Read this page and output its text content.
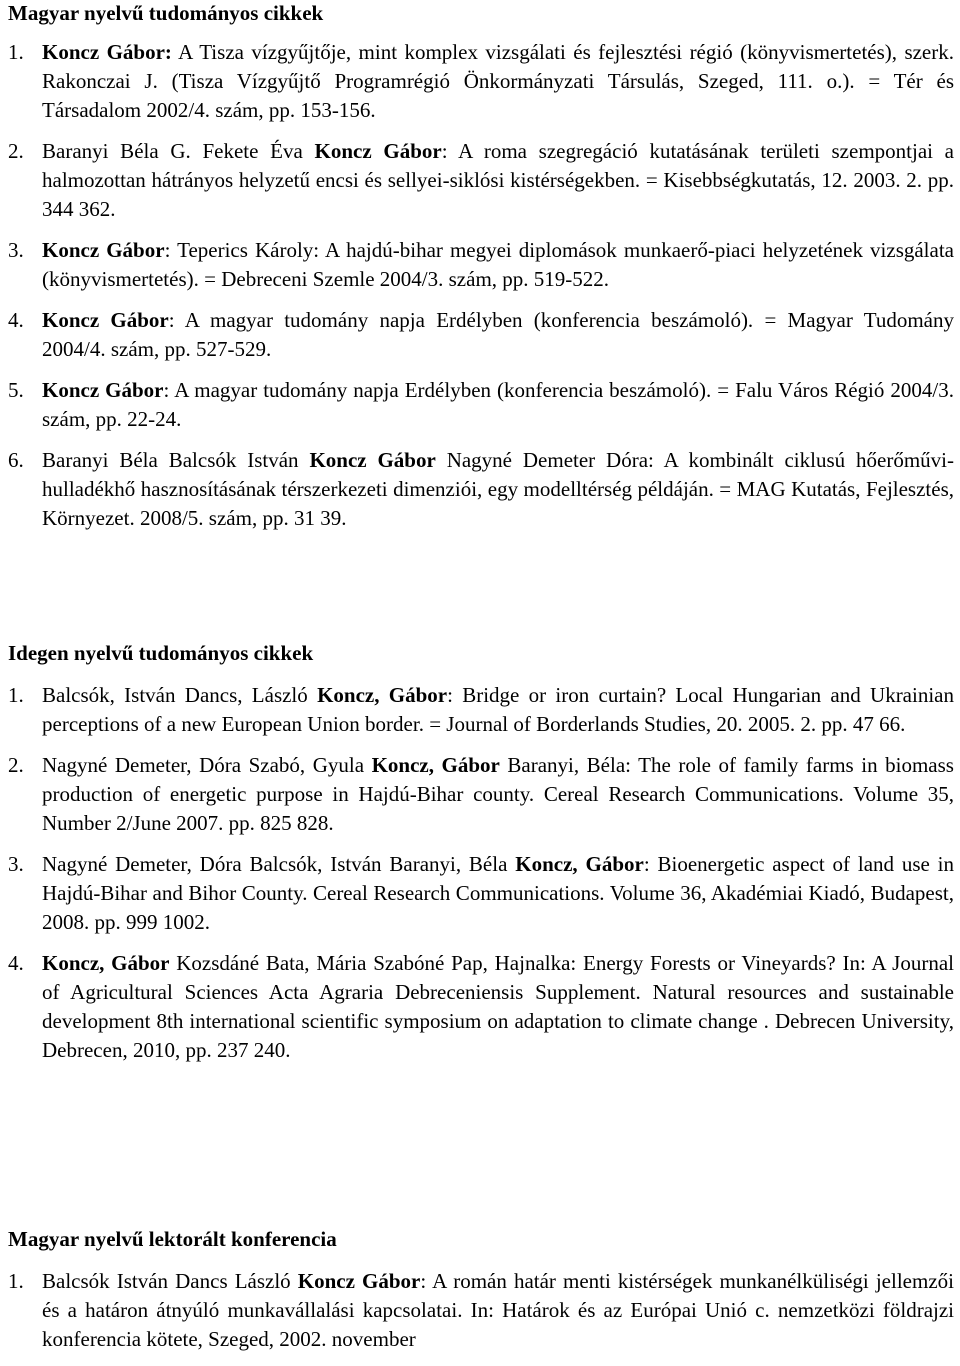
Magyar nyelvű tudományos cikkek
1. Koncz Gábor: A Tisza vízgyűjtője, mint komplex vizsgálati és fejlesztési régió (könyvismertetés), szerk. Rakonczai J. (Tisza Vízgyűjtő Programrégió Önkormányzati Társulás, Szeged, 111. o.). = Tér és Társadalom 2002/4. szám, pp. 153-156.
2. Baranyi Béla G. Fekete Éva Koncz Gábor: A roma szegregáció kutatásának területi szempontjai a halmozottan hátrányos helyzetű encsi és sellyei-siklósi kistérségekben. = Kisebbségkutatás, 12. 2003. 2. pp. 344 362.
3. Koncz Gábor: Teperics Károly: A hajdú-bihar megyei diplomások munkaerő-piaci helyzetének vizsgálata (könyvismertetés). = Debreceni Szemle 2004/3. szám, pp. 519-522.
4. Koncz Gábor: A magyar tudomány napja Erdélyben (konferencia beszámoló). = Magyar Tudomány 2004/4. szám, pp. 527-529.
5. Koncz Gábor: A magyar tudomány napja Erdélyben (konferencia beszámoló). = Falu Város Régió 2004/3. szám, pp. 22-24.
6. Baranyi Béla Balcsók István Koncz Gábor Nagyné Demeter Dóra: A kombinált ciklusú hőerőművi-hulladékhő hasznosításának térszerkezeti dimenziói, egy modelltérség példáján. = MAG Kutatás, Fejlesztés, Környezet. 2008/5. szám, pp. 31 39.
Idegen nyelvű tudományos cikkek
1. Balcsók, István Dancs, László Koncz, Gábor: Bridge or iron curtain? Local Hungarian and Ukrainian perceptions of a new European Union border. = Journal of Borderlands Studies, 20. 2005. 2. pp. 47 66.
2. Nagyné Demeter, Dóra Szabó, Gyula Koncz, Gábor Baranyi, Béla: The role of family farms in biomass production of energetic purpose in Hajdú-Bihar county. Cereal Research Communications. Volume 35, Number 2/June 2007. pp. 825 828.
3. Nagyné Demeter, Dóra Balcsók, István Baranyi, Béla Koncz, Gábor: Bioenergetic aspect of land use in Hajdú-Bihar and Bihor County. Cereal Research Communications. Volume 36, Akadémiai Kiadó, Budapest, 2008. pp. 999 1002.
4. Koncz, Gábor Kozsdáné Bata, Mária Szabóné Pap, Hajnalka: Energy Forests or Vineyards? In: A Journal of Agricultural Sciences Acta Agraria Debreceniensis Supplement. Natural resources and sustainable development 8th international scientific symposium on adaptation to climate change . Debrecen University, Debrecen, 2010, pp. 237 240.
Magyar nyelvű lektorált konferencia
1. Balcsók István Dancs László Koncz Gábor: A román határ menti kistérségek munkanélküliségi jellemzői és a határon átnyúló munkavállalási kapcsolatai. In: Határok és az Európai Unió c. nemzetközi földrajzi konferencia kötete, Szeged, 2002. november
